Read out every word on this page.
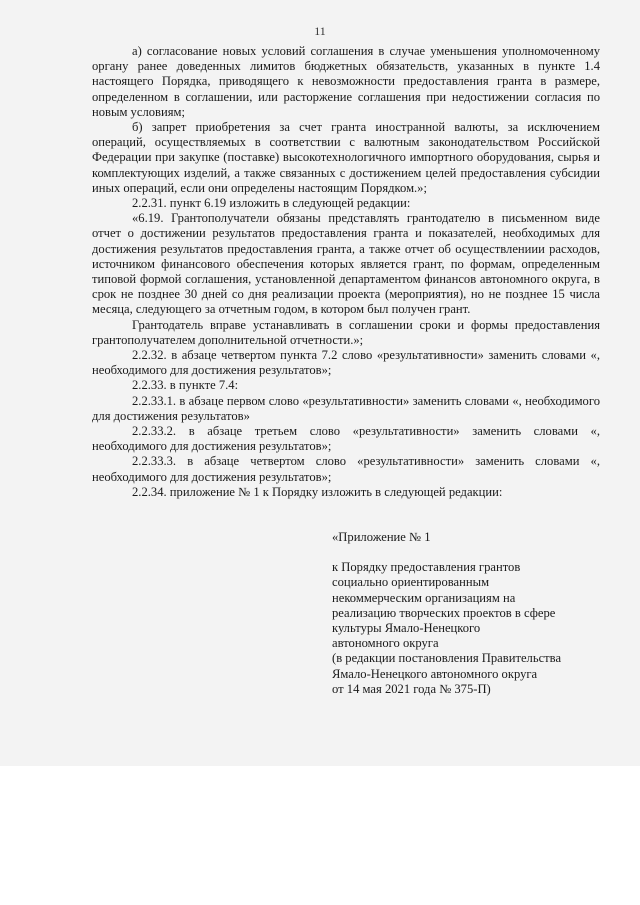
11

а) согласование новых условий соглашения в случае уменьшения уполномоченному органу ранее доведенных лимитов бюджетных обязательств, указанных в пункте 1.4 настоящего Порядка, приводящего к невозможности предоставления гранта в размере, определенном в соглашении, или расторжение соглашения при недостижении согласия по новым условиям;

б) запрет приобретения за счет гранта иностранной валюты, за исключением операций, осуществляемых в соответствии с валютным законодательством Российской Федерации при закупке (поставке) высокотехнологичного импортного оборудования, сырья и комплектующих изделий, а также связанных с достижением целей предоставления субсидии иных операций, если они определены настоящим Порядком.»;

2.2.31. пункт 6.19 изложить в следующей редакции:

«6.19. Грантополучатели обязаны представлять грантодателю в письменном виде отчет о достижении результатов предоставления гранта и показателей, необходимых для достижения результатов предоставления гранта, а также отчет об осуществлениии расходов, источником финансового обеспечения которых является грант, по формам, определенным типовой формой соглашения, установленной департаментом финансов автономного округа, в срок не позднее 30 дней со дня реализации проекта (мероприятия), но не позднее 15 числа месяца, следующего за отчетным годом, в котором был получен грант.

Грантодатель вправе устанавливать в соглашении сроки и формы предоставления грантополучателем дополнительной отчетности.»;

2.2.32. в абзаце четвертом пункта 7.2 слово «результативности» заменить словами «, необходимого для достижения результатов»;

2.2.33. в пункте 7.4:

2.2.33.1. в абзаце первом слово «результативности» заменить словами «, необходимого для достижения результатов»

2.2.33.2. в абзаце третьем слово «результативности» заменить словами «, необходимого для достижения результатов»;

2.2.33.3. в абзаце четвертом слово «результативности» заменить словами «, необходимого для достижения результатов»;

2.2.34. приложение № 1 к Порядку изложить в следующей редакции:

«Приложение № 1
к Порядку предоставления грантов
социально ориентированным
некоммерческим организациям на
реализацию творческих проектов в сфере
культуры Ямало-Ненецкого
автономного округа
(в редакции постановления Правительства
Ямало-Ненецкого автономного округа
от 14 мая 2021 года № 375-П)
